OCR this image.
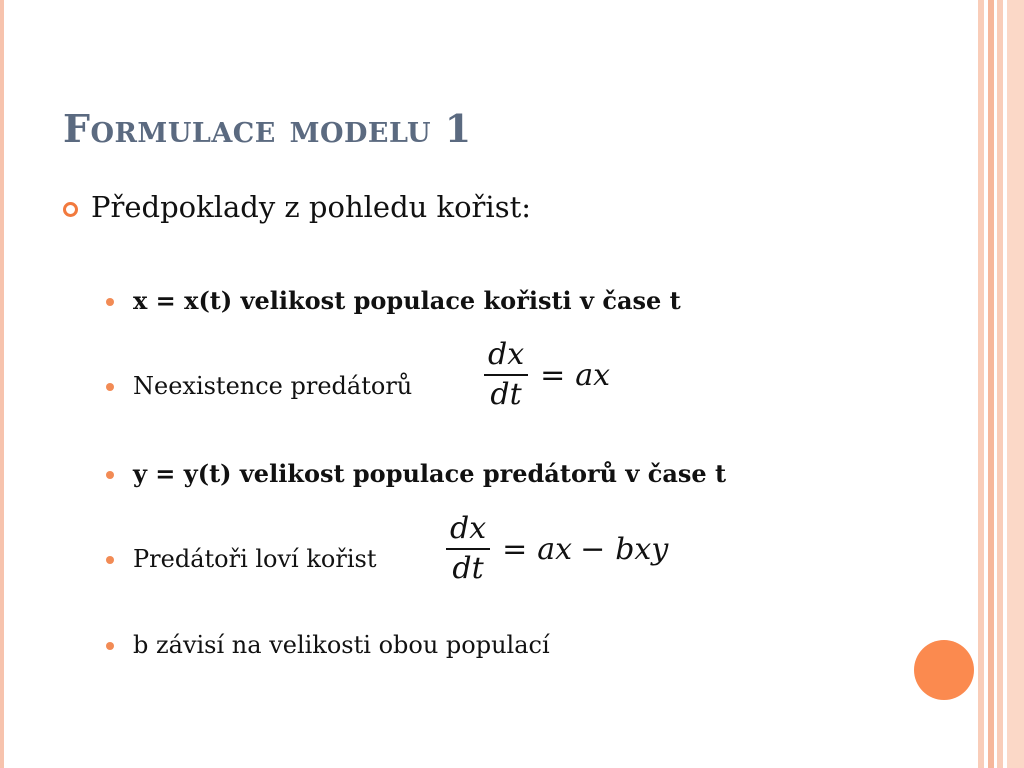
Formulace modelu 1
Předpoklady z pohledu kořist:
x = x(t) velikost populace kořisti v čase t
Neexistence predátorů
y = y(t) velikost populace predátorů v čase t
Predátoři loví kořist
b závisí na velikosti obou populací
$\frac{dx}{dt}$ = ax
$\frac{dx}{dt}$ = ax − bxy
